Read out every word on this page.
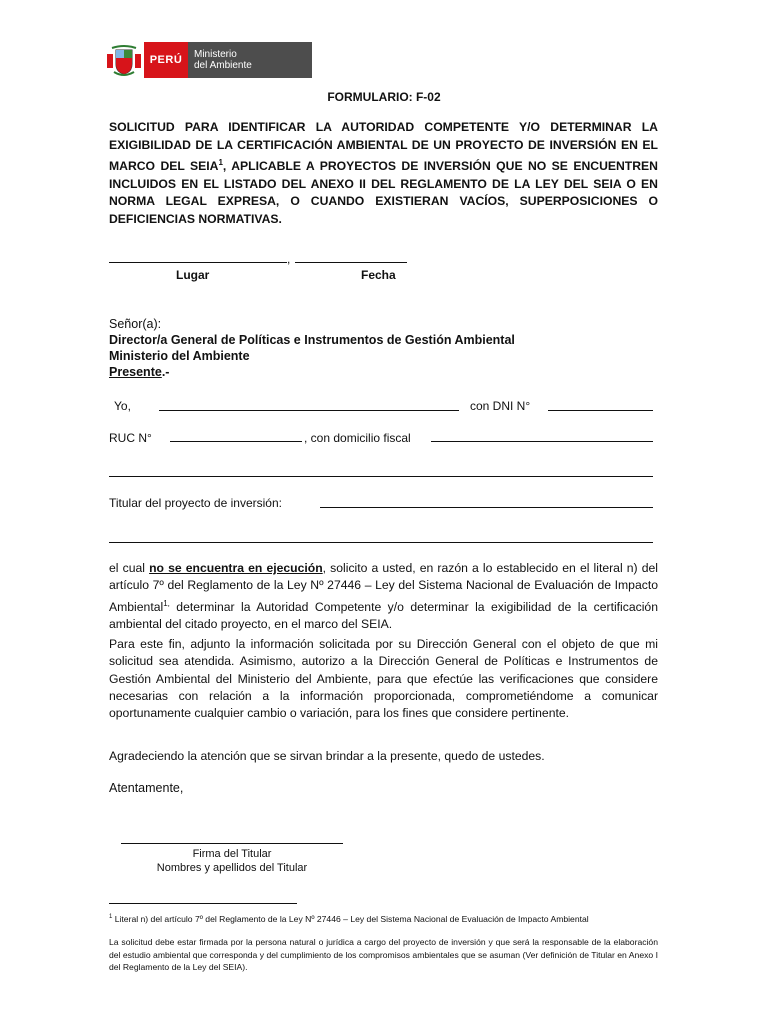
PERÚ	Ministerio
del Ambiente
FORMULARIO: F-02
SOLICITUD PARA IDENTIFICAR LA AUTORIDAD COMPETENTE Y/O DETERMINAR LA EXIGIBILIDAD DE LA CERTIFICACIÓN AMBIENTAL DE UN PROYECTO DE INVERSIÓN EN EL MARCO DEL SEIA$^1$, APLICABLE A PROYECTOS DE INVERSIÓN QUE NO SE ENCUENTREN INCLUIDOS EN EL LISTADO DEL ANEXO II DEL REGLAMENTO DE LA LEY DEL SEIA O EN NORMA LEGAL EXPRESA, O CUANDO EXISTIERAN VACÍOS, SUPERPOSICIONES O DEFICIENCIAS NORMATIVAS.
,
Lugar	Fecha
Señor(a):
Director/a General de Políticas e Instrumentos de Gestión Ambiental
Ministerio del Ambiente
Presente.-
Yo,	con DNI N°
RUC N°	, con domicilio fiscal
Titular del proyecto de inversión:
el cual no se encuentra en ejecución, solicito a usted, en razón a lo establecido en el literal n) del artículo 7º del Reglamento de la Ley Nº 27446 – Ley del Sistema Nacional de Evaluación de Impacto Ambiental$^{1,}$ determinar la Autoridad Competente y/o determinar la exigibilidad de la certificación ambiental del citado proyecto, en el marco del SEIA.
Para este fin, adjunto la información solicitada por su Dirección General con el objeto de que mi solicitud sea atendida. Asimismo, autorizo a la Dirección General de Políticas e Instrumentos de Gestión Ambiental del Ministerio del Ambiente, para que efectúe las verificaciones que considere necesarias con relación a la información proporcionada, comprometiéndome a comunicar oportunamente cualquier cambio o variación, para los fines que considere pertinente.
Agradeciendo la atención que se sirvan brindar a la presente, quedo de ustedes.
Atentamente,
Firma del Titular
Nombres y apellidos del Titular
$^1$ Literal n) del artículo 7º del Reglamento de la Ley Nº 27446 – Ley del Sistema Nacional de Evaluación de Impacto Ambiental
La solicitud debe estar firmada por la persona natural o jurídica a cargo del proyecto de inversión y que será la responsable de la elaboración del estudio ambiental que corresponda y del cumplimiento de los compromisos ambientales que se asuman (Ver definición de Titular en Anexo I del Reglamento de la Ley del SEIA).
